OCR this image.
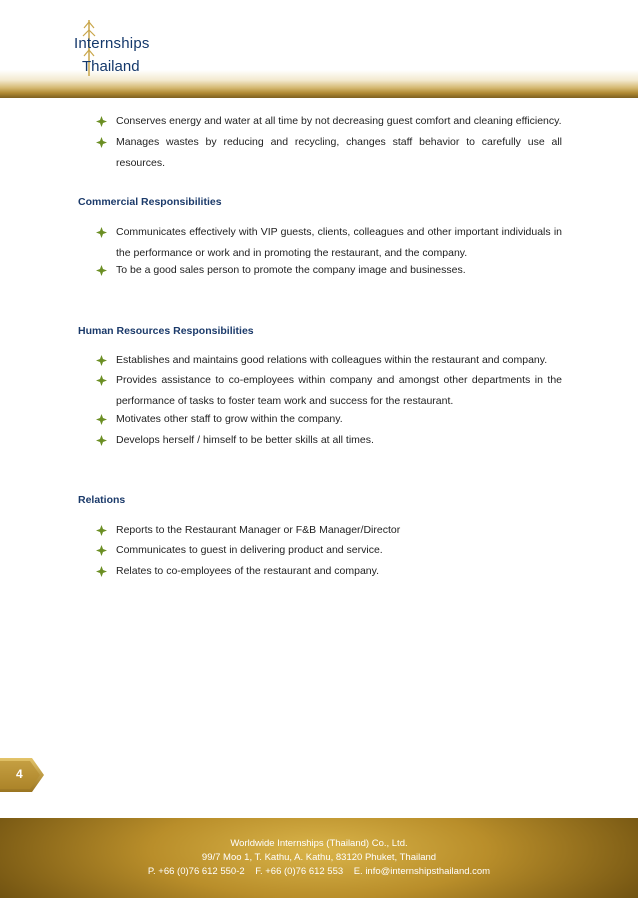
Internships
Thailand
Conserves energy and water at all time by not decreasing guest comfort and cleaning efficiency.
Manages wastes by reducing and recycling, changes staff behavior to carefully use all resources.
Commercial Responsibilities
Communicates effectively with VIP guests, clients, colleagues and other important individuals in the performance or work and in promoting the restaurant, and the company.
To be a good sales person to promote the company image and businesses.
Human Resources Responsibilities
Establishes and maintains good relations with colleagues within the restaurant and company.
Provides assistance to co-employees within company and amongst other departments in the performance of tasks to foster team work and success for the restaurant.
Motivates other staff to grow within the company.
Develops herself / himself to be better skills at all times.
Relations
Reports to the Restaurant Manager or F&B Manager/Director
Communicates to guest in delivering product and service.
Relates to co-employees of the restaurant and company.
4
Worldwide Internships (Thailand) Co., Ltd.
99/7 Moo 1, T. Kathu, A. Kathu, 83120 Phuket, Thailand
P. +66 (0)76 612 550-2    F. +66 (0)76 612 553    E. info@internshipsthailand.com
